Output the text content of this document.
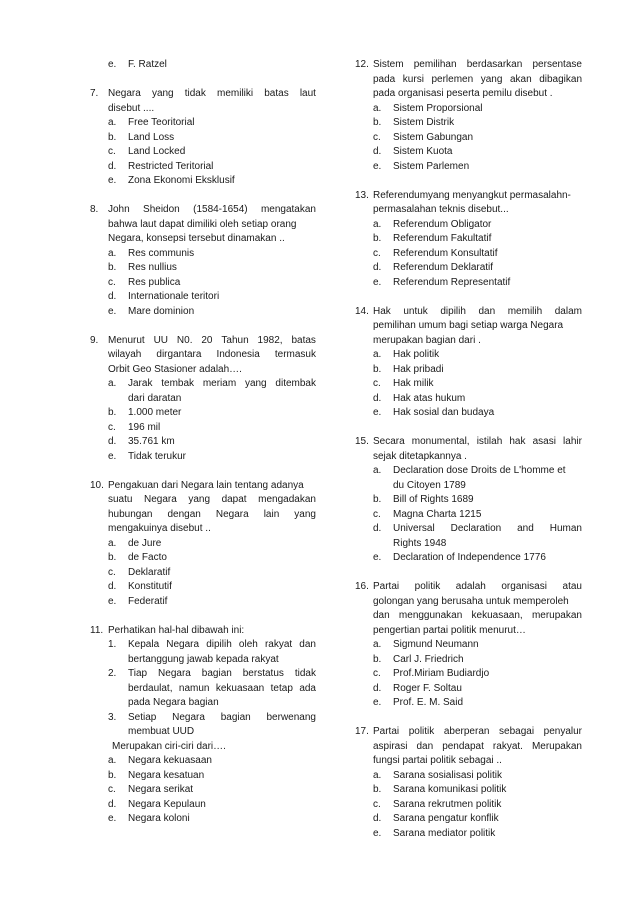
e. F. Ratzel
7. Negara yang tidak memiliki batas laut
disebut ....
a. Free Teoritorial
b. Land Loss
c. Land Locked
d. Restricted Teritorial
e. Zona Ekonomi Eksklusif
8. John Sheidon (1584-1654) mengatakan
bahwa laut dapat dimiliki oleh setiap orang
Negara, konsepsi tersebut dinamakan ..
a. Res communis
b. Res nullius
c. Res publica
d. Internationale teritori
e. Mare dominion
9. Menurut UU N0. 20 Tahun 1982, batas
wilayah dirgantara Indonesia termasuk
Orbit Geo Stasioner adalah….
a. Jarak tembak meriam yang ditembak
dari daratan
b. 1.000 meter
c. 196 mil
d. 35.761 km
e. Tidak terukur
10. Pengakuan dari Negara lain tentang adanya
suatu Negara yang dapat mengadakan
hubungan dengan Negara lain yang
mengakuinya disebut ..
a. de Jure
b. de Facto
c. Deklaratif
d. Konstitutif
e. Federatif
11. Perhatikan hal-hal dibawah ini:
1. Kepala Negara dipilih oleh rakyat dan
bertanggung jawab kepada rakyat
2. Tiap Negara bagian berstatus tidak
berdaulat, namun kekuasaan tetap ada
pada Negara bagian
3. Setiap Negara bagian berwenang
membuat UUD
Merupakan ciri-ciri dari….
a. Negara kekuasaan
b. Negara kesatuan
c. Negara serikat
d. Negara Kepulaun
e. Negara koloni
12. Sistem pemilihan berdasarkan persentase
pada kursi perlemen yang akan dibagikan
pada organisasi peserta pemilu disebut .
a. Sistem Proporsional
b. Sistem Distrik
c. Sistem Gabungan
d. Sistem Kuota
e. Sistem Parlemen
13. Referendumyang menyangkut permasalahn-
permasalahan teknis disebut...
a. Referendum Obligator
b. Referendum Fakultatif
c. Referendum Konsultatif
d. Referendum Deklaratif
e. Referendum Representatif
14. Hak untuk dipilih dan memilih dalam
pemilihan umum bagi setiap warga Negara
merupakan bagian dari .
a. Hak politik
b. Hak pribadi
c. Hak milik
d. Hak atas hukum
e. Hak sosial dan budaya
15. Secara monumental, istilah hak asasi lahir
sejak ditetapkannya .
a. Declaration dose Droits de L'homme et
du Citoyen 1789
b. Bill of Rights 1689
c. Magna Charta 1215
d. Universal Declaration and Human
Rights 1948
e. Declaration of Independence 1776
16. Partai politik adalah organisasi atau
golongan yang berusaha untuk memperoleh
dan menggunakan kekuasaan, merupakan
pengertian partai politik menurut…
a. Sigmund Neumann
b. Carl J. Friedrich
c. Prof.Miriam Budiardjo
d. Roger F. Soltau
e. Prof. E. M. Said
17. Partai politik aberperan sebagai penyalur
aspirasi dan pendapat rakyat. Merupakan
fungsi partai politik sebagai ..
a. Sarana sosialisasi politik
b. Sarana komunikasi politik
c. Sarana rekrutmen politik
d. Sarana pengatur konflik
e. Sarana mediator politik
